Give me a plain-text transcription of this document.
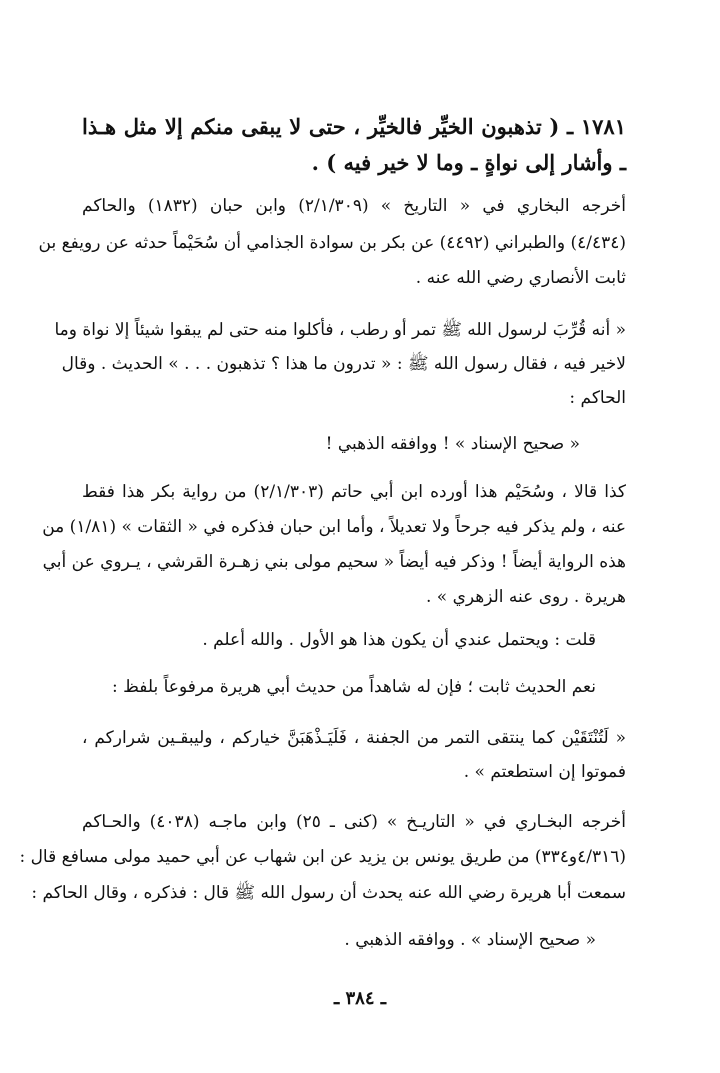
١٧٨١ ـ ( تذهبون الخيِّر فالخيِّر ، حتى لا يبقى منكم إلا مثل هـذا
ـ وأشار إلى نواةٍ ـ وما لا خير فيه ) .
أخرجه البخاري في « التاريخ » (٢/١/٣٠٩) وابن حبان (١٨٣٢) والحاكم
(٤/٤٣٤) والطبراني (٤٤٩٢) عن بكر بن سوادة الجذامي أن سُحَيْماً حدثه عن رويفع بن
ثابت الأنصاري رضي الله عنه .
« أنه قُرِّبَ لرسول الله ﷺ تمر أو رطب ، فأكلوا منه حتى لم يبقوا شيئاً إلا نواة وما
لاخير فيه ، فقال رسول الله ﷺ : « تدرون ما هذا ؟ تذهبون . . . » الحديث . وقال
الحاكم :
« صحيح الإسناد » ! ووافقه الذهبي !
كذا قالا ، وسُحَيْم هذا أورده ابن أبي حاتم (٢/١/٣٠٣) من رواية بكر هذا فقط
عنه ، ولم يذكر فيه جرحاً ولا تعديلاً ، وأما ابن حبان فذكره في « الثقات » (١/٨١) من
هذه الرواية أيضاً ! وذكر فيه أيضاً « سحيم مولى بني زهـرة القرشي ، يـروي عن أبي
هريرة . روى عنه الزهري » .
قلت : ويحتمل عندي أن يكون هذا هو الأول . والله أعلم .
نعم الحديث ثابت ؛ فإن له شاهداً من حديث أبي هريرة مرفوعاً بلفظ :
« لَتُنْتَقَيْن كما ينتقى التمر من الجفنة ، فَلَيَـذْهَبَنَّ خياركم ، وليبقـين شراركم ،
فموتوا إن استطعتم » .
أخرجه البخـاري في « التاريـخ » (كنى ـ ٢٥) وابن ماجـه (٤٠٣٨) والحـاكم
(٤/٣١٦و٣٣٤) من طريق يونس بن يزيد عن ابن شهاب عن أبي حميد مولى مسافع قال :
سمعت أبا هريرة رضي الله عنه يحدث أن رسول الله ﷺ قال : فذكره ، وقال الحاكم :
« صحيح الإسناد » . ووافقه الذهبي .
ـ ٣٨٤ ـ
